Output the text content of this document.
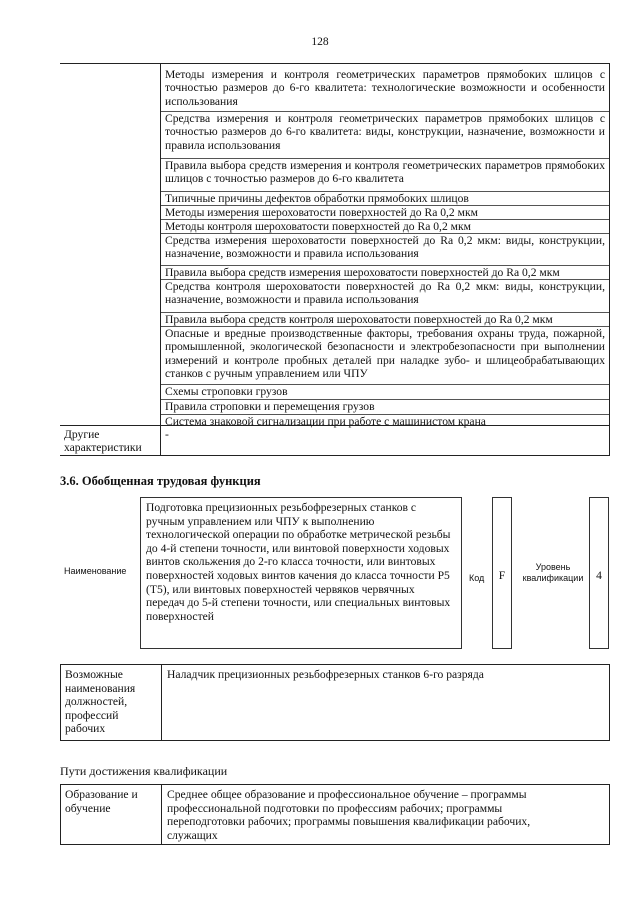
128
Методы измерения и контроля геометрических параметров прямобоких шлицов с точностью размеров до 6-го квалитета: технологические возможности и особенности использования
Средства измерения и контроля геометрических параметров прямобоких шлицов с точностью размеров до 6-го квалитета: виды, конструкции, назначение, возможности и правила использования
Правила выбора средств измерения и контроля геометрических параметров прямобоких шлицов с точностью размеров до 6-го квалитета
Типичные причины дефектов обработки прямобоких шлицов
Методы измерения шероховатости поверхностей до Ra 0,2 мкм
Методы контроля шероховатости поверхностей до Ra 0,2 мкм
Средства измерения шероховатости поверхностей до Ra 0,2 мкм: виды, конструкции, назначение, возможности и правила использования
Правила выбора средств измерения шероховатости поверхностей до Ra 0,2 мкм
Средства контроля шероховатости поверхностей до Ra 0,2 мкм: виды, конструкции, назначение, возможности и правила использования
Правила выбора средств контроля шероховатости поверхностей до Ra 0,2 мкм
Опасные и вредные производственные факторы, требования охраны труда, пожарной, промышленной, экологической безопасности и электробезопасности при выполнении измерений и контроле пробных деталей при наладке зубо- и шлицеобрабатывающих станков с ручным управлением или ЧПУ
Схемы строповки грузов
Правила строповки и перемещения грузов
Система знаковой сигнализации при работе с машинистом крана
Другие характеристики
-
3.6. Обобщенная трудовая функция
Наименование
Подготовка прецизионных резьбофрезерных станков с ручным управлением или ЧПУ к выполнению технологической операции по обработке метрической резьбы до 4-й степени точности, или винтовой поверхности ходовых винтов скольжения до 2-го класса точности, или винтовых поверхностей ходовых винтов качения до класса точности Р5 (Т5), или винтовых поверхностей червяков червячных передач до 5-й степени точности, или специальных винтовых поверхностей
Код	F
Уровень квалификации	4
Возможные наименования должностей, профессий рабочих
Наладчик прецизионных резьбофрезерных станков 6-го разряда
Пути достижения квалификации
Образование и обучение
Среднее общее образование и профессиональное обучение – программы профессиональной подготовки по профессиям рабочих; программы переподготовки рабочих; программы повышения квалификации рабочих, служащих
